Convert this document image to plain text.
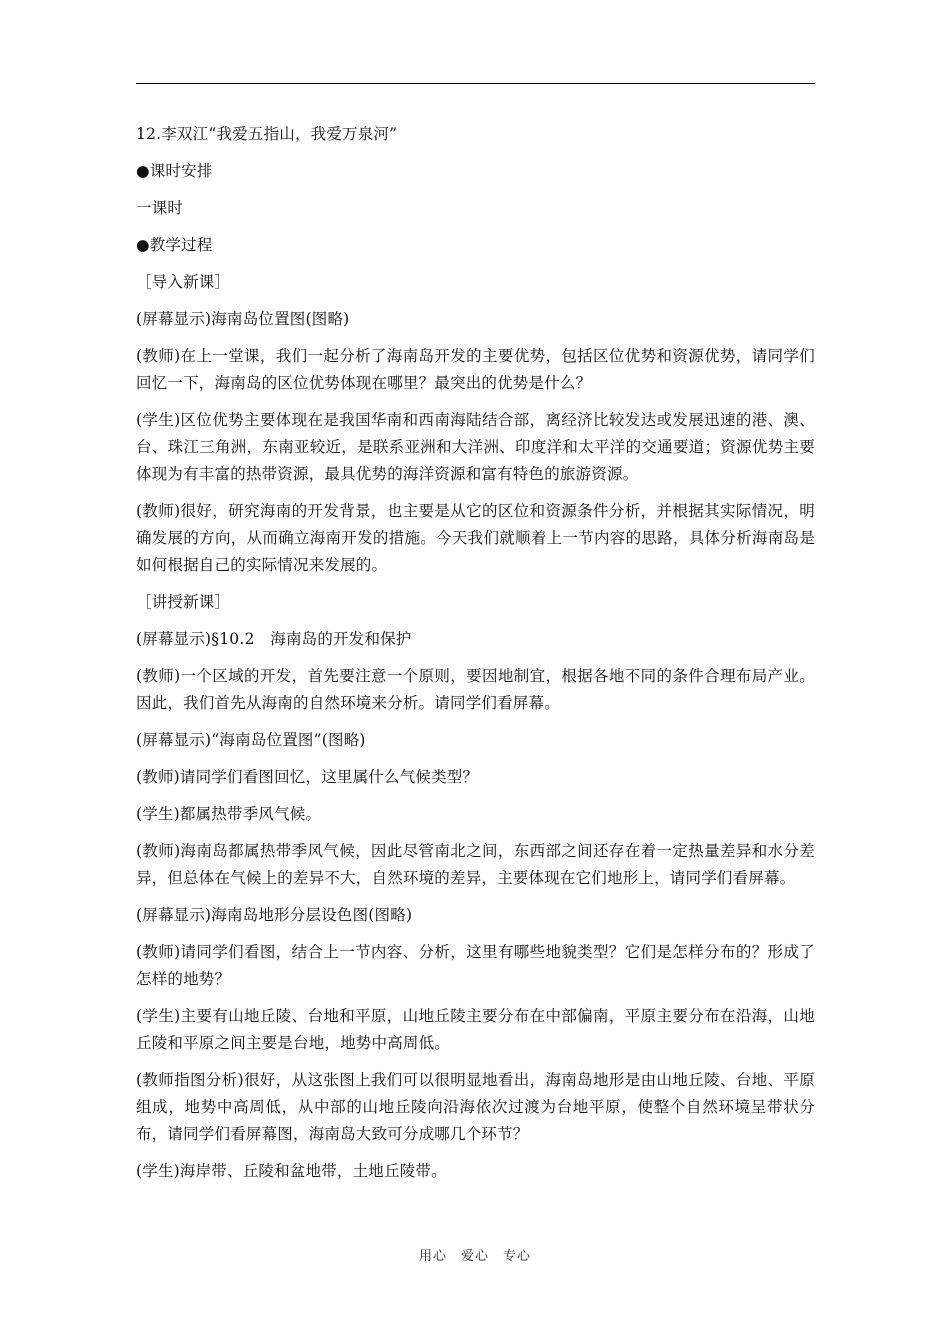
12.李双江“我爱五指山，我爱万泉河”

●课时安排

一课时

●教学过程

［导入新课］

(屏幕显示)海南岛位置图(图略)

(教师)在上一堂课，我们一起分析了海南岛开发的主要优势，包括区位优势和资源优势，请同学们回忆一下，海南岛的区位优势体现在哪里？最突出的优势是什么？

(学生)区位优势主要体现在是我国华南和西南海陆结合部，离经济比较发达或发展迅速的港、澳、台、珠江三角洲，东南亚较近，是联系亚洲和大洋洲、印度洋和太平洋的交通要道；资源优势主要体现为有丰富的热带资源，最具优势的海洋资源和富有特色的旅游资源。

(教师)很好，研究海南的开发背景，也主要是从它的区位和资源条件分析，并根据其实际情况，明确发展的方向，从而确立海南开发的措施。今天我们就顺着上一节内容的思路，具体分析海南岛是如何根据自己的实际情况来发展的。

［讲授新课］

(屏幕显示)§10.2　海南岛的开发和保护

(教师)一个区域的开发，首先要注意一个原则，要因地制宜，根据各地不同的条件合理布局产业。因此，我们首先从海南的自然环境来分析。请同学们看屏幕。

(屏幕显示)“海南岛位置图”(图略)

(教师)请同学们看图回忆，这里属什么气候类型？

(学生)都属热带季风气候。

(教师)海南岛都属热带季风气候，因此尽管南北之间，东西部之间还存在着一定热量差异和水分差异，但总体在气候上的差异不大，自然环境的差异，主要体现在它们地形上，请同学们看屏幕。

(屏幕显示)海南岛地形分层设色图(图略)

(教师)请同学们看图，结合上一节内容、分析，这里有哪些地貌类型？它们是怎样分布的？形成了怎样的地势？

(学生)主要有山地丘陵、台地和平原，山地丘陵主要分布在中部偏南，平原主要分布在沿海，山地丘陵和平原之间主要是台地，地势中高周低。

(教师指图分析)很好，从这张图上我们可以很明显地看出，海南岛地形是由山地丘陵、台地、平原组成，地势中高周低，从中部的山地丘陵向沿海依次过渡为台地平原，使整个自然环境呈带状分布，请同学们看屏幕图，海南岛大致可分成哪几个环节？

(学生)海岸带、丘陵和盆地带，土地丘陵带。

用心　爱心　专心
